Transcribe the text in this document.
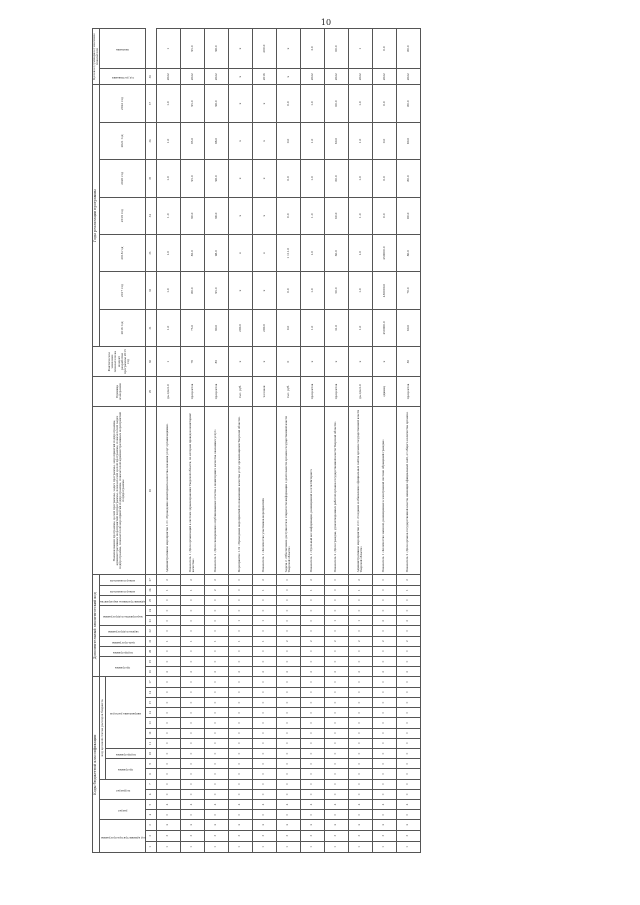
10
Коды бюджетной классификации																	Дополнительный аналитический код										Наименования программы, целей программы, задач программы, мероприятий подпрограммы, административных мероприятий подпрограммы, показателей целей программы, показателей задач подпрограммы, показателей мероприятий подпрограммы, показателей административных мероприятий подпрограммы	Единица измерения	Фактическое значение показателя на момент разработки программы 2015 год	Годы реализации программы							Целевое (суммарное) значение показателя	

код администратора программы			раздел		подраздел		код целевой статьи расходов бюджета										программа		подпрограмма	цель программы	задача подпрограммы	мероприятие подпрограммы		административное мероприятие	номер показателя	номер показателя				2016 год	2017 год	2018 год	2019 год	2020 год	2021 год	2022 год	год достижения	значение

							программа		подпрограмма	направление расходов																												

1	2	3	4	5	6	7	8	9	10	11	12	13	14	15	16	17	18	19	20	21	22	23	24	25	26	27	28	29	30	31	32	33	34	35	36	37	38	
1	3	4	0	4	0	0	0	0	0	0	0	0	0	0	0	0	2	0	0	1	0	0	0	0	1	2	Административное мероприятие 1.01 «Проведение мониторинга качества оказания услуг организациями»	да-1/нет-0	1	1.0	1.0	1.0	1.0	1.0	1.0	1.0	2022	1
1	3	4	0	4	0	0	0	0	0	0	0	0	0	0	0	0	2	0	0	1	0	0	0	0	1	2	Показатель 1 «Доля организаций в системе здравоохранения Тверской области, по которым проведен мониторинг качества»	процентов	70	75.0	80.0	85.0	90.0	95.0	95.0	95.0	2022	95.0
1	3	4	0	4	0	0	0	0	0	0	0	0	0	0	0	0	2	0	0	1	0	0	0	0	2	2	Показатель 2 «Доля своевременно опубликованных отчетов о мониторинге качества оказанных услуг»	процентов	85	90.0	95.0	98.0	98.0	98.0	98.0	98.0	2022	98.0
1	3	4	0	4	0	0	0	0	0	0	0	0	0	0	0	0	2	0	0	1	0	1	0	0	0	0	Мероприятие 1.02 «Проведение мероприятий по повышению качества услуг организациями Тверской области»	тыс. руб.	х	200.0	х	х	х	х	х	х	х	х
1	3	4	0	4	0	0	0	0	0	0	0	0	0	0	0	0	2	0	0	1	0	1	0	0	1	2	Показатель 1 «Количество участников мероприятий»	человек	х	200.0	х	х	х	х	х	х	2016	200.0
1	3	4	0	4	0	0	0	0	0	0	0	0	0	0	0	0	2	0	0	2	0	0	0	0	0	0	Задача 2 «Обеспечение доступности и открытости информации о деятельности органов государственной власти Тверской области»	тыс. руб.	0	0.0	0.0	1 111.0	0.0	0.0	0.0	0.0	х	х
1	3	4	0	4	0	0	0	0	0	0	0	0	0	0	0	0	2	0	0	2	0	0	0	0	1	2	Показатель 1 «Удельный вес информации, размещенной в сети Интернет»	процентов	х	1.0	1.0	1.0	1.0	1.0	1.0	1.0	2022	3.0
1	3	4	0	4	0	0	0	0	0	0	0	0	0	0	0	0	2	0	0	2	0	1	0	0	0	0	Показатель 2 «Доля граждан, удовлетворенных работой органов государственной власти Тверской области»	процентов	х	31.0	50.0	60.0	60.0	60.0	60.0	60.0	2022	60.0
1	3	4	0	4	0	0	0	0	0	0	0	0	0	0	0	0	2	0	0	2	0	1	0	0	1	2	Административное мероприятие 2.01 «Создание и обновление официальных сайтов органов государственной власти Тверской области»	да-1/нет-0	х	1.0	1.0	1.0	1.0	1.0	1.0	1.0	2022	1
1	3	4	0	4	0	0	0	0	0	0	0	0	0	0	0	0	2	0	0	2	0	2	0	0	0	0	Показатель 1 «Количество записей, размещенных в электронной системе обращений граждан»	единиц	х	450000.0	450000.0	450000.0	0.0	0.0	0.0	0.0	2022	0.0
1	3	4	0	4	0	0	0	0	0	0	0	0	0	0	0	0	2	0	0	2	0	2	0	0	1	2	Показатель 2 «Доля органов государственной власти, имеющих официальный сайт, от общего количества органов»	процентов	50	60.0	70.0	80.0	80.0	80.0	80.0	80.0	2022	80.0
